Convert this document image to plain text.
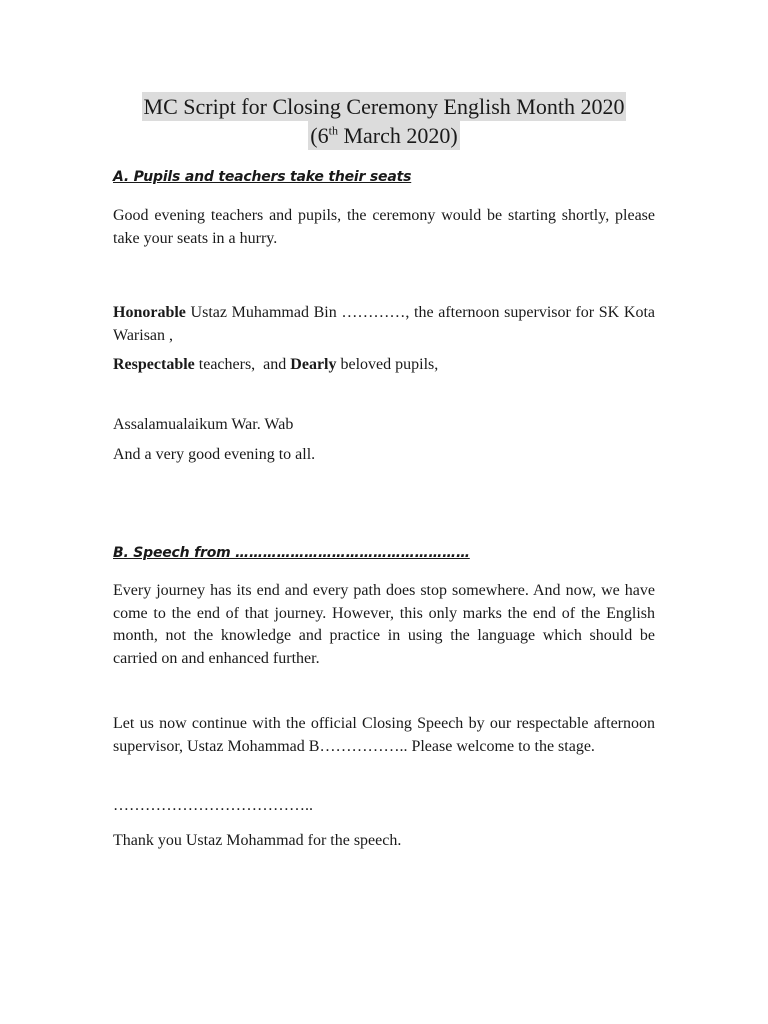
MC Script for Closing Ceremony English Month 2020
(6th March 2020)
A. Pupils and teachers take their seats
Good evening teachers and pupils, the ceremony would be starting shortly, please take your seats in a hurry.
Honorable Ustaz Muhammad Bin …………, the afternoon supervisor for SK Kota Warisan ,
Respectable teachers,  and Dearly beloved pupils,
Assalamualaikum War. Wab
And a very good evening to all.
B. Speech from ……………………………………………
Every journey has its end and every path does stop somewhere. And now, we have come to the end of that journey. However, this only marks the end of the English month, not the knowledge and practice in using the language which should be carried on and enhanced further.
Let us now continue with the official Closing Speech by our respectable afternoon supervisor, Ustaz Mohammad B…………….. Please welcome to the stage.
………………………………..
Thank you Ustaz Mohammad for the speech.
